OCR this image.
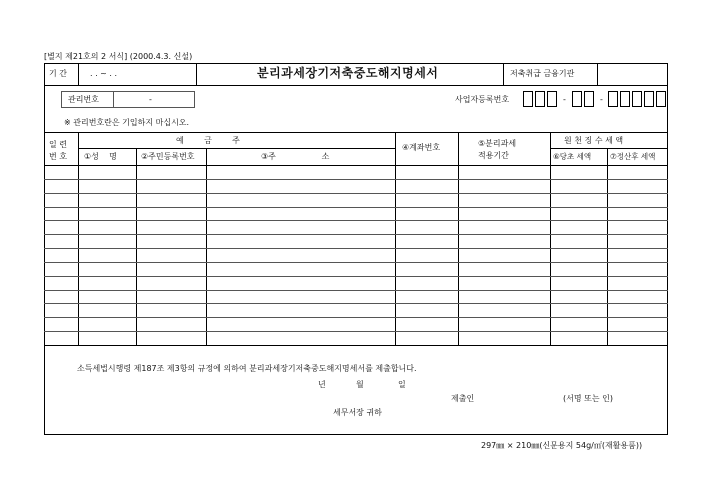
[별지 제21호의 2 서식] (2000.4.3. 신설)
기 간	. . ~ . .	분리과세장기저축중도해지명세서	저축취급 금융기관
관리번호	-	사업자등록번호	-	-
※ 관리번호란은 기입하지 마십시오.
일 련
번 호
예        금        주
①성    명	②주민등록번호	③주                  소
④계좌번호	⑤분리과세
적용기간
원 천 징 수 세 액
⑥당초 세액	⑦정산후 세액
소득세법시행령 제187조 제3항의 규정에 의하여 분리과세장기저축중도해지명세서를 제출합니다.
년	월	일
제출인	(서명 또는 인)
세무서장 귀하
297㎜ × 210㎜(신문용지 54g/㎡(재활용품))
